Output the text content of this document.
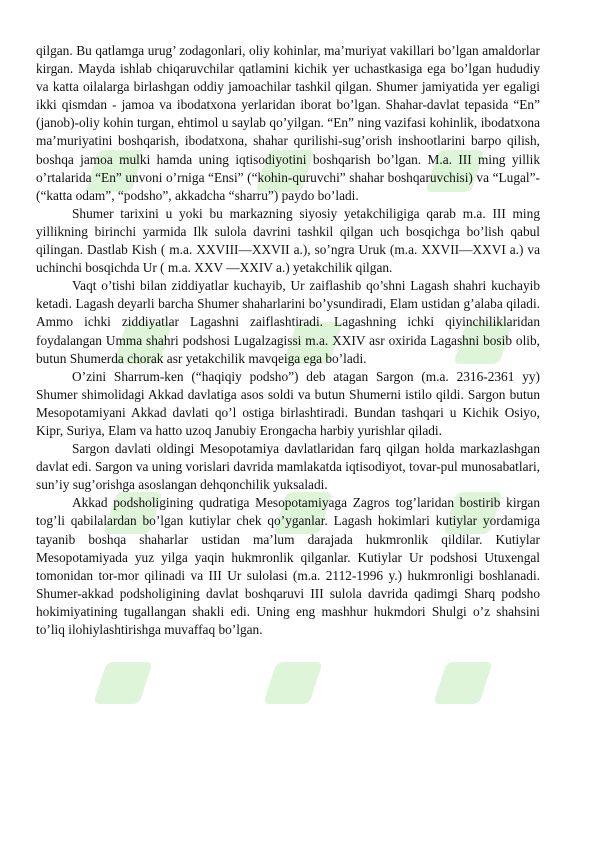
qilgan. Bu qatlamga urug’ zodagonlari, oliy kohinlar, ma’muriyat vakillari bo’lgan amaldorlar kirgan. Mayda ishlab chiqaruvchilar qatlamini kichik yer uchastkasiga ega bo’lgan hududiy va katta oilalarga birlashgan oddiy jamoachilar tashkil qilgan. Shumer jamiyatida yer egaligi ikki qismdan - jamoa va ibodatxona yerlaridan iborat bo’lgan. Shahar-davlat tepasida “En” (janob)-oliy kohin turgan, ehtimol u saylab qo’yilgan. “En” ning vazifasi kohinlik, ibodatxona ma’muriyatini boshqarish, ibodatxona, shahar qurilishi-sug’orish inshootlarini barpo qilish, boshqa jamoa mulki hamda uning iqtisodiyotini boshqarish bo’lgan. M.a. III ming yillik o’rtalarida “En” unvoni o’rniga “Ensi” (“kohin-quruvchi” shahar boshqaruvchisi) va “Lugal”-(“katta odam”, “podsho”, akkadcha “sharru”) paydo bo’ladi.

Shumer tarixini u yoki bu markazning siyosiy yetakchiligiga qarab m.a. III ming yillikning birinchi yarmida Ilk sulola davrini tashkil qilgan uch bosqichga bo’lish qabul qilingan. Dastlab Kish ( m.a. XXVIII—XXVII a.), so’ngra Uruk (m.a. XXVII—XXVI a.) va uchinchi bosqichda Ur ( m.a. XXV —XXIV a.) yetakchilik qilgan.

Vaqt o’tishi bilan ziddiyatlar kuchayib, Ur zaiflashib qo’shni Lagash shahri kuchayib ketadi. Lagash deyarli barcha Shumer shaharlarini bo’ysundiradi, Elam ustidan g’alaba qiladi. Ammo ichki ziddiyatlar Lagashni zaiflashtiradi. Lagashning ichki qiyinchiliklaridan foydalangan Umma shahri podshosi Lugalzagissi m.a. XXIV asr oxirida Lagashni bosib olib, butun Shumerda chorak asr yetakchilik mavqeiga ega bo’ladi.

O’zini Sharrum-ken (“haqiqiy podsho”) deb atagan Sargon (m.a. 2316-2361 yy) Shumer shimolidagi Akkad davlatiga asos soldi va butun Shumerni istilo qildi. Sargon butun Mesopotamiyani Akkad davlati qo’l ostiga birlashtiradi. Bundan tashqari u Kichik Osiyo, Kipr, Suriya, Elam va hatto uzoq Janubiy Erongacha harbiy yurishlar qiladi.

Sargon davlati oldingi Mesopotamiya davlatlaridan farq qilgan holda markazlashgan davlat edi. Sargon va uning vorislari davrida mamlakatda iqtisodiyot, tovar-pul munosabatlari, sun’iy sug’orishga asoslangan dehqonchilik yuksaladi.

Akkad podsholigining qudratiga Mesopotamiyaga Zagros tog’laridan bostirib kirgan tog’li qabilalardan bo’lgan kutiylar chek qo’yganlar. Lagash hokimlari kutiylar yordamiga tayanib boshqa shaharlar ustidan ma’lum darajada hukmronlik qildilar. Kutiylar Mesopotamiyada yuz yilga yaqin hukmronlik qilganlar. Kutiylar Ur podshosi Utuxengal tomonidan tor-mor qilinadi va III Ur sulolasi (m.a. 2112-1996 y.) hukmronligi boshlanadi. Shumer-akkad podsholigining davlat boshqaruvi III sulola davrida qadimgi Sharq podsho hokimiyatining tugallangan shakli edi. Uning eng mashhur hukmdori Shulgi o’z shahsini to’liq ilohiylashtirishga muvaffaq bo’lgan.
